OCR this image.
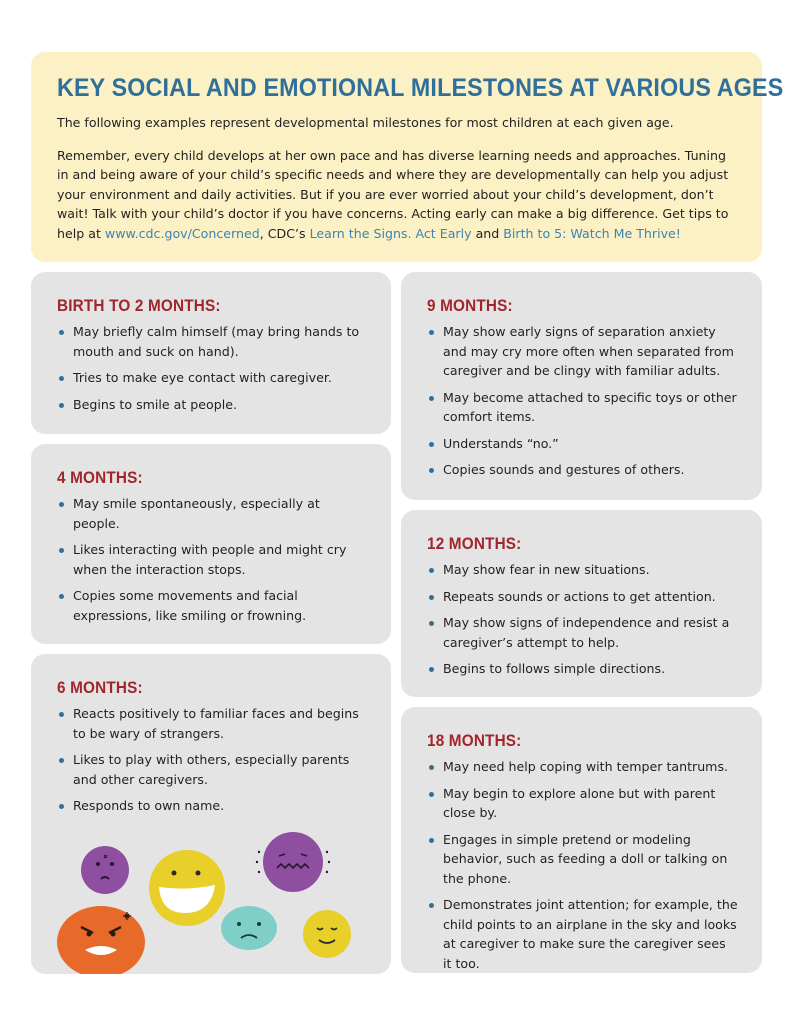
KEY SOCIAL AND EMOTIONAL MILESTONES AT VARIOUS AGES

The following examples represent developmental milestones for most children at each given age.

Remember, every child develops at her own pace and has diverse learning needs and approaches. Tuning in and being aware of your child’s specific needs and where they are developmentally can help you adjust your environment and daily activities. But if you are ever worried about your child’s development, don’t wait! Talk with your child’s doctor if you have concerns. Acting early can make a big difference. Get tips to help at www.cdc.gov/Concerned, CDC’s Learn the Signs. Act Early and Birth to 5: Watch Me Thrive!

BIRTH TO 2 MONTHS:
May briefly calm himself (may bring hands to mouth and suck on hand).
Tries to make eye contact with caregiver.
Begins to smile at people.
4 MONTHS:
May smile spontaneously, especially at people.
Likes interacting with people and might cry when the interaction stops.
Copies some movements and facial expressions, like smiling or frowning.
6 MONTHS:
Reacts positively to familiar faces and begins to be wary of strangers.
Likes to play with others, especially parents and other caregivers.
Responds to own name.
9 MONTHS:
May show early signs of separation anxiety and may cry more often when separated from caregiver and be clingy with familiar adults.
May become attached to specific toys or other comfort items.
Understands “no.”
Copies sounds and gestures of others.
12 MONTHS:
May show fear in new situations.
Repeats sounds or actions to get attention.
May show signs of independence and resist a caregiver’s attempt to help.
Begins to follows simple directions.
18 MONTHS:
May need help coping with temper tantrums.
May begin to explore alone but with parent close by.
Engages in simple pretend or modeling behavior, such as feeding a doll or talking on the phone.
Demonstrates joint attention; for example, the child points to an airplane in the sky and looks at caregiver to make sure the caregiver sees it too.
